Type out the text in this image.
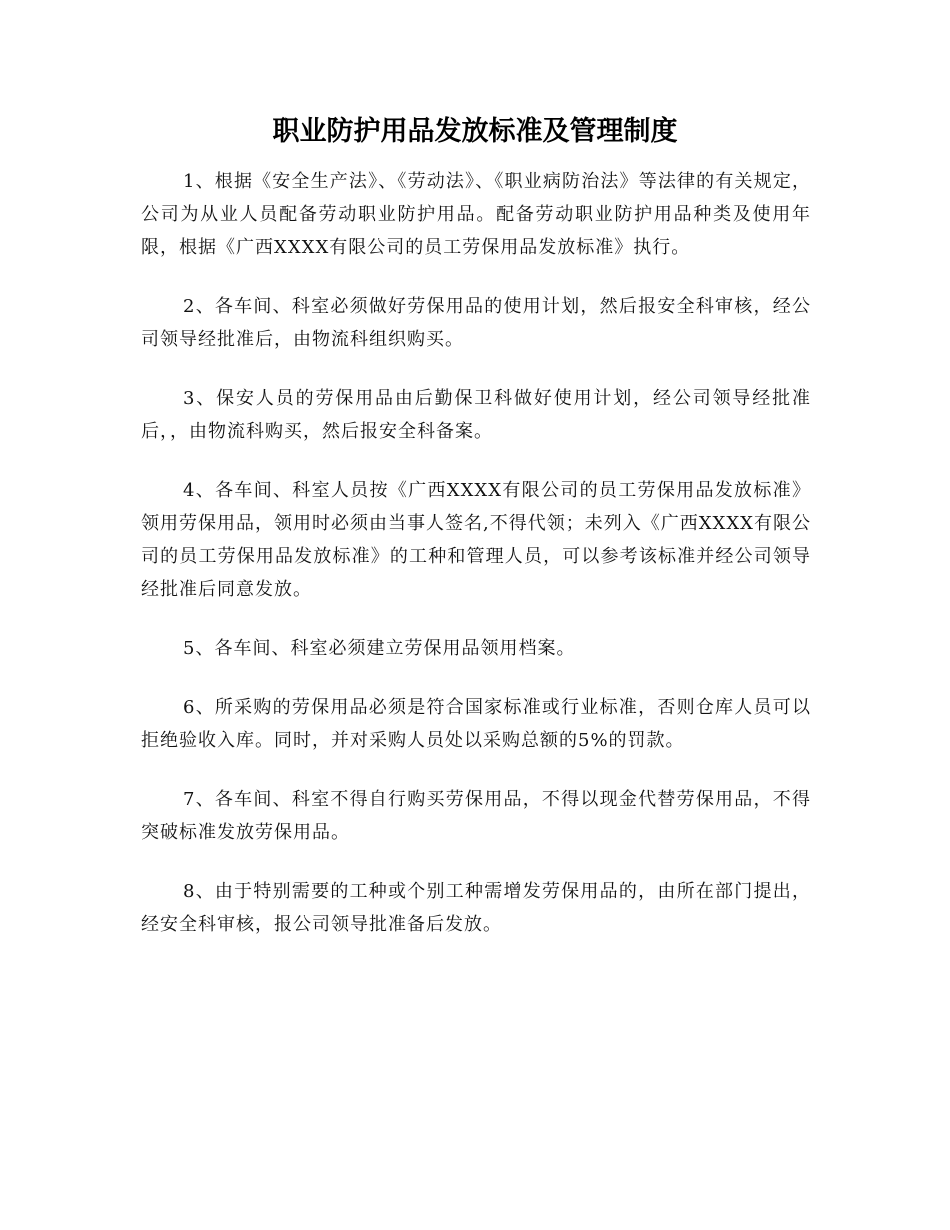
职业防护用品发放标准及管理制度

1、根据《安全生产法》、《劳动法》、《职业病防治法》等法律的有关规定，公司为从业人员配备劳动职业防护用品。配备劳动职业防护用品种类及使用年限，根据《广西XXXX有限公司的员工劳保用品发放标准》执行。

2、各车间、科室必须做好劳保用品的使用计划，然后报安全科审核，经公司领导经批准后，由物流科组织购买。

3、保安人员的劳保用品由后勤保卫科做好使用计划，经公司领导经批准后，，由物流科购买，然后报安全科备案。

4、各车间、科室人员按《广西XXXX有限公司的员工劳保用品发放标准》领用劳保用品，领用时必须由当事人签名,不得代领；未列入《广西XXXX有限公司的员工劳保用品发放标准》的工种和管理人员，可以参考该标准并经公司领导经批准后同意发放。

5、各车间、科室必须建立劳保用品领用档案。

6、所采购的劳保用品必须是符合国家标准或行业标准，否则仓库人员可以拒绝验收入库。同时，并对采购人员处以采购总额的5%的罚款。

7、各车间、科室不得自行购买劳保用品，不得以现金代替劳保用品，不得突破标准发放劳保用品。

8、由于特别需要的工种或个别工种需增发劳保用品的，由所在部门提出，经安全科审核，报公司领导批准备后发放。
